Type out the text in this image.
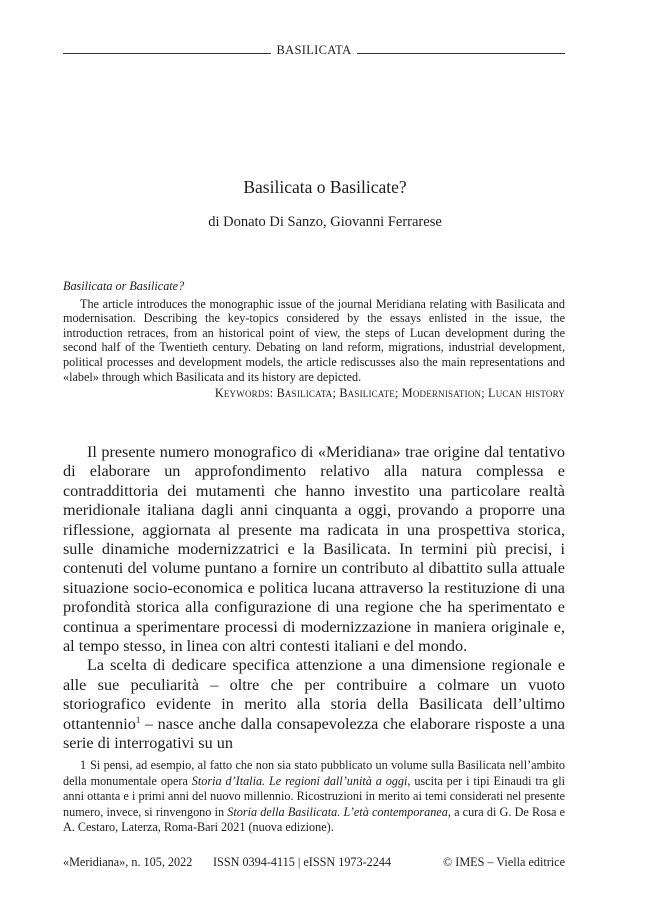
BASILICATA
Basilicata o Basilicate?
di Donato Di Sanzo, Giovanni Ferrarese

Basilicata or Basilicate?

The article introduces the monographic issue of the journal Meridiana relating with Basilicata and modernisation. Describing the key-topics considered by the essays enlisted in the issue, the introduction retraces, from an historical point of view, the steps of Lucan development during the second half of the Twentieth century. Debating on land reform, migrations, industrial development, political processes and development models, the article rediscusses also the main representations and «label» through which Basilicata and its history are depicted.

Keywords: Basilicata; Basilicate; Modernisation; Lucan history

Il presente numero monografico di «Meridiana» trae origine dal tentativo di elaborare un approfondimento relativo alla natura complessa e contraddittoria dei mutamenti che hanno investito una particolare realtà meridionale italiana dagli anni cinquanta a oggi, provando a proporre una riflessione, aggiornata al presente ma radicata in una prospettiva storica, sulle dinamiche modernizzatrici e la Basilicata. In termini più precisi, i contenuti del volume puntano a fornire un contributo al dibattito sulla attuale situazione socio-economica e politica lucana attraverso la restituzione di una profondità storica alla configurazione di una regione che ha sperimentato e continua a sperimentare processi di modernizzazione in maniera originale e, al tempo stesso, in linea con altri contesti italiani e del mondo.

La scelta di dedicare specifica attenzione a una dimensione regionale e alle sue peculiarità – oltre che per contribuire a colmare un vuoto storiografico evidente in merito alla storia della Basilicata dell’ultimo ottantennio$^1$ – nasce anche dalla consapevolezza che elaborare risposte a una serie di interrogativi su un

1 Si pensi, ad esempio, al fatto che non sia stato pubblicato un volume sulla Basilicata nell’ambito della monumentale opera Storia d’Italia. Le regioni dall’unità a oggi, uscita per i tipi Einaudi tra gli anni ottanta e i primi anni del nuovo millennio. Ricostruzioni in merito ai temi considerati nel presente numero, invece, si rinvengono in Storia della Basilicata. L’età contemporanea, a cura di G. De Rosa e A. Cestaro, Laterza, Roma-Bari 2021 (nuova edizione).

«Meridiana», n. 105, 2022 ISSN 0394-4115 | eISSN 1973-2244	© IMES – Viella editrice
